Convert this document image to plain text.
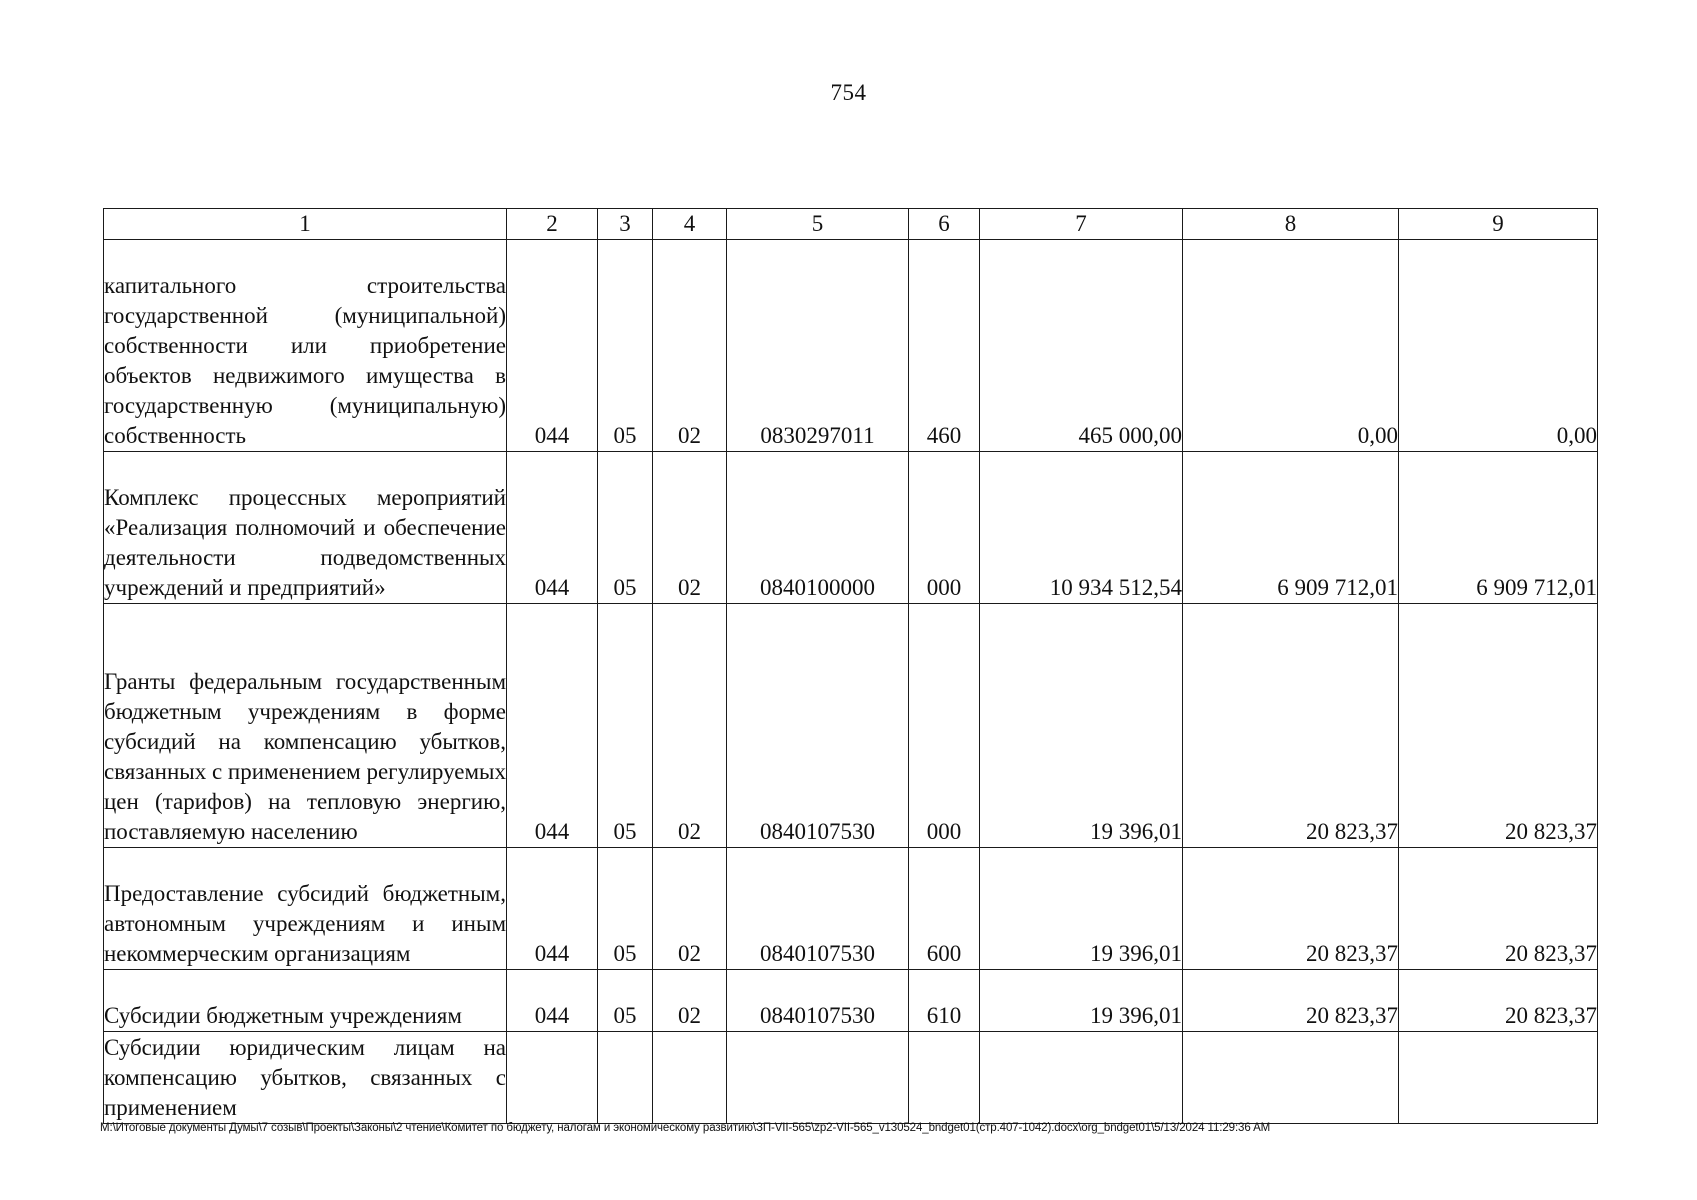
754
1	2	3	4	5	6	7	8	9
капитального строительства государственной (муниципальной) собственности или приобретение объектов недвижимого имущества в государственную (муниципальную) собственность	044	05	02	0830297011	460	465 000,00	0,00	0,00
Комплекс процессных мероприятий «Реализация полномочий и обеспечение деятельности подведомственных учреждений и предприятий»	044	05	02	0840100000	000	10 934 512,54	6 909 712,01	6 909 712,01
Гранты федеральным государственным бюджетным учреждениям в форме субсидий на компенсацию убытков, связанных с применением регулируемых цен (тарифов) на тепловую энергию, поставляемую населению	044	05	02	0840107530	000	19 396,01	20 823,37	20 823,37
Предоставление субсидий бюджетным, автономным учреждениям и иным некоммерческим организациям	044	05	02	0840107530	600	19 396,01	20 823,37	20 823,37
Субсидии бюджетным учреждениям	044	05	02	0840107530	610	19 396,01	20 823,37	20 823,37
Субсидии юридическим лицам на компенсацию убытков, связанных с применением								
M:\Итоговые документы Думы\7 созыв\Проекты\Законы\2 чтение\Комитет по бюджету, налогам и экономическому развитию\ЗП-VII-565\zp2-VII-565_v130524_bndget01(стр.407-1042).docx\org_bndget01\5/13/2024 11:29:36 AM
